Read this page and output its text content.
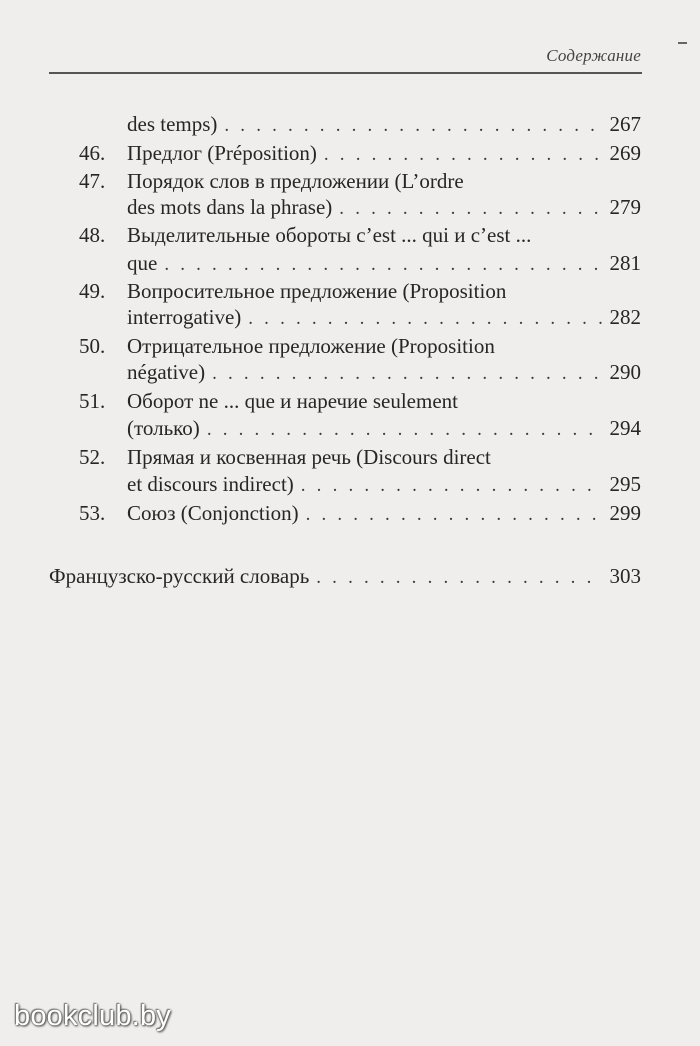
Содержание
des temps) . . .	267
46. Предлог (Préposition) . . .	269
47. Порядок слов в предложении (L’ordre
des mots dans la phrase) . . .	279
48. Выделительные обороты c’est ... qui и c’est ...
que . . .	281
49. Вопросительное предложение (Proposition
interrogative) . . .	282
50. Отрицательное предложение (Proposition
négative) . . .	290
51. Оборот ne ... que и наречие seulement
(только) . . .	294
52. Прямая и косвенная речь (Discours direct
et discours indirect) . . .	295
53. Союз (Conjonction) . . .	299
Французско-русский словарь . . .	303
bookclub.by
